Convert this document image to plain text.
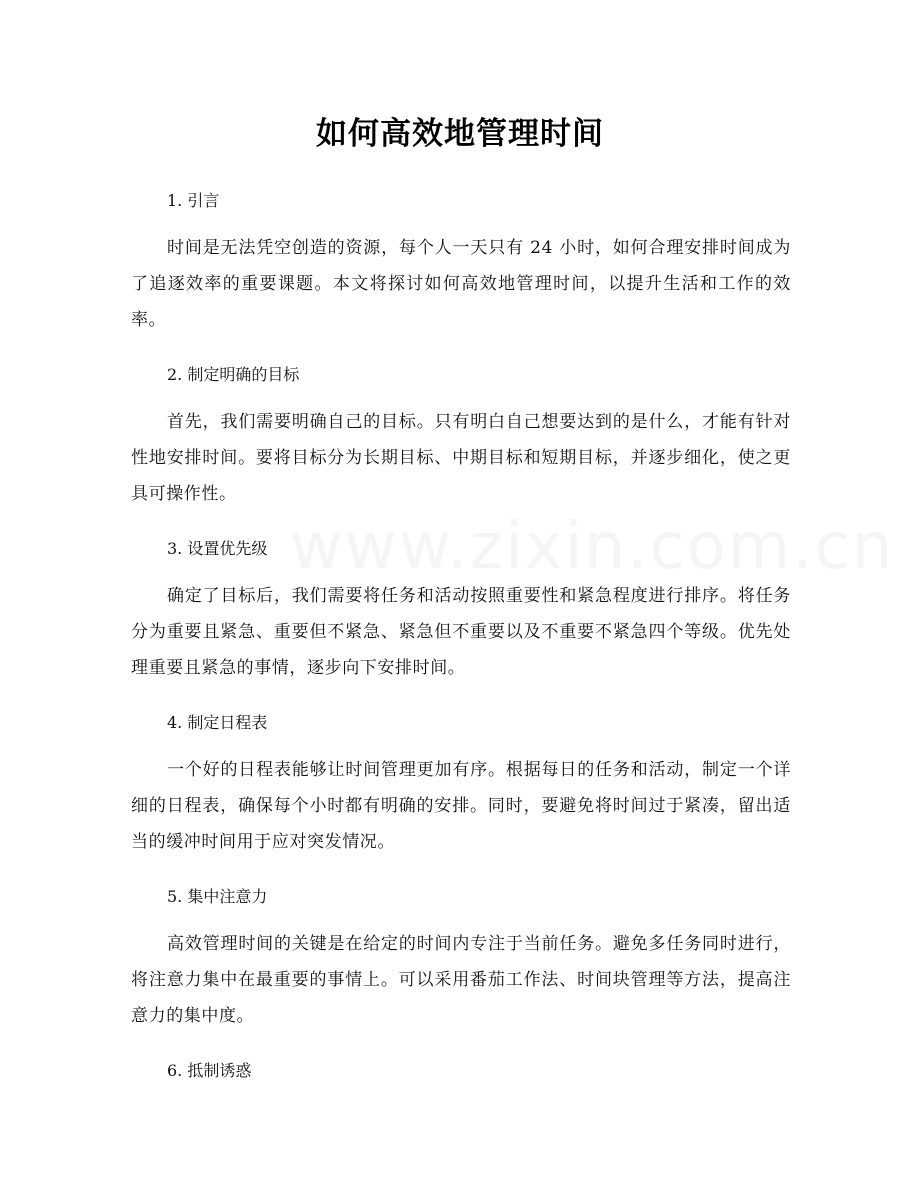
如何高效地管理时间
www.zixin.com.cn
1. 引言

时间是无法凭空创造的资源，每个人一天只有 24 小时，如何合理安排时间成为了追逐效率的重要课题。本文将探讨如何高效地管理时间，以提升生活和工作的效率。

2. 制定明确的目标

首先，我们需要明确自己的目标。只有明白自己想要达到的是什么，才能有针对性地安排时间。要将目标分为长期目标、中期目标和短期目标，并逐步细化，使之更具可操作性。

3. 设置优先级

确定了目标后，我们需要将任务和活动按照重要性和紧急程度进行排序。将任务分为重要且紧急、重要但不紧急、紧急但不重要以及不重要不紧急四个等级。优先处理重要且紧急的事情，逐步向下安排时间。

4. 制定日程表

一个好的日程表能够让时间管理更加有序。根据每日的任务和活动，制定一个详细的日程表，确保每个小时都有明确的安排。同时，要避免将时间过于紧凑，留出适当的缓冲时间用于应对突发情况。

5. 集中注意力

高效管理时间的关键是在给定的时间内专注于当前任务。避免多任务同时进行，将注意力集中在最重要的事情上。可以采用番茄工作法、时间块管理等方法，提高注意力的集中度。

6. 抵制诱惑
